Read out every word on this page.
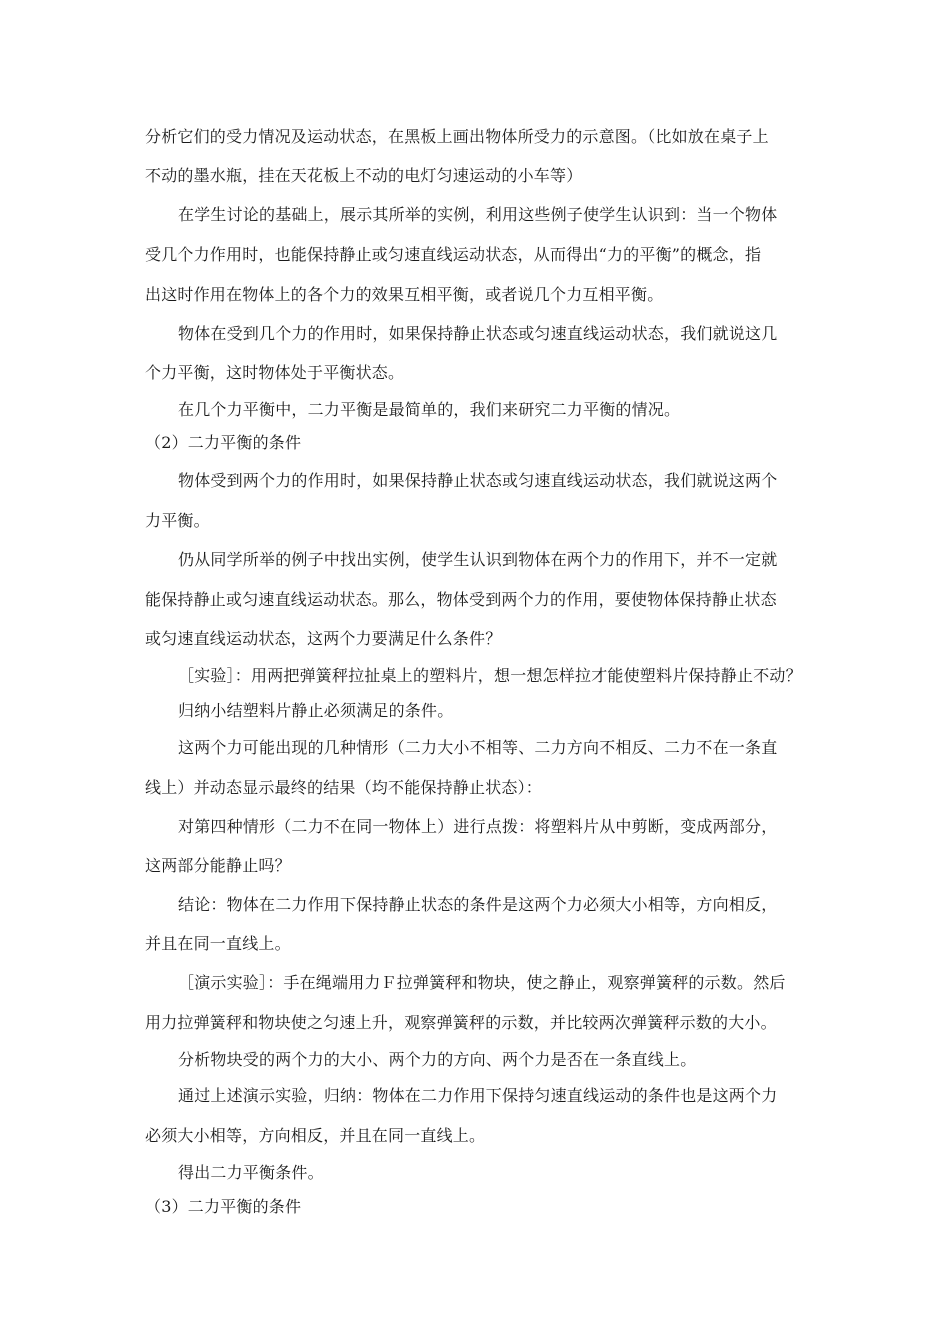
分析它们的受力情况及运动状态，在黑板上画出物体所受力的示意图。（比如放在桌子上
不动的墨水瓶，挂在天花板上不动的电灯匀速运动的小车等）
在学生讨论的基础上，展示其所举的实例，利用这些例子使学生认识到：当一个物体
受几个力作用时，也能保持静止或匀速直线运动状态，从而得出“力的平衡”的概念，指
出这时作用在物体上的各个力的效果互相平衡，或者说几个力互相平衡。
物体在受到几个力的作用时，如果保持静止状态或匀速直线运动状态，我们就说这几
个力平衡，这时物体处于平衡状态。
在几个力平衡中，二力平衡是最简单的，我们来研究二力平衡的情况。
（2）二力平衡的条件
物体受到两个力的作用时，如果保持静止状态或匀速直线运动状态，我们就说这两个
力平衡。
仍从同学所举的例子中找出实例，使学生认识到物体在两个力的作用下，并不一定就
能保持静止或匀速直线运动状态。那么，物体受到两个力的作用，要使物体保持静止状态
或匀速直线运动状态，这两个力要满足什么条件？
［实验］：用两把弹簧秤拉扯桌上的塑料片，想一想怎样拉才能使塑料片保持静止不动？
归纳小结塑料片静止必须满足的条件。
这两个力可能出现的几种情形（二力大小不相等、二力方向不相反、二力不在一条直
线上）并动态显示最终的结果（均不能保持静止状态）：
对第四种情形（二力不在同一物体上）进行点拨：将塑料片从中剪断，变成两部分，
这两部分能静止吗？
结论：物体在二力作用下保持静止状态的条件是这两个力必须大小相等，方向相反，
并且在同一直线上。
［演示实验］：手在绳端用力Ｆ拉弹簧秤和物块，使之静止，观察弹簧秤的示数。然后
用力拉弹簧秤和物块使之匀速上升，观察弹簧秤的示数，并比较两次弹簧秤示数的大小。
分析物块受的两个力的大小、两个力的方向、两个力是否在一条直线上。
通过上述演示实验，归纳：物体在二力作用下保持匀速直线运动的条件也是这两个力
必须大小相等，方向相反，并且在同一直线上。
得出二力平衡条件。
（3）二力平衡的条件
